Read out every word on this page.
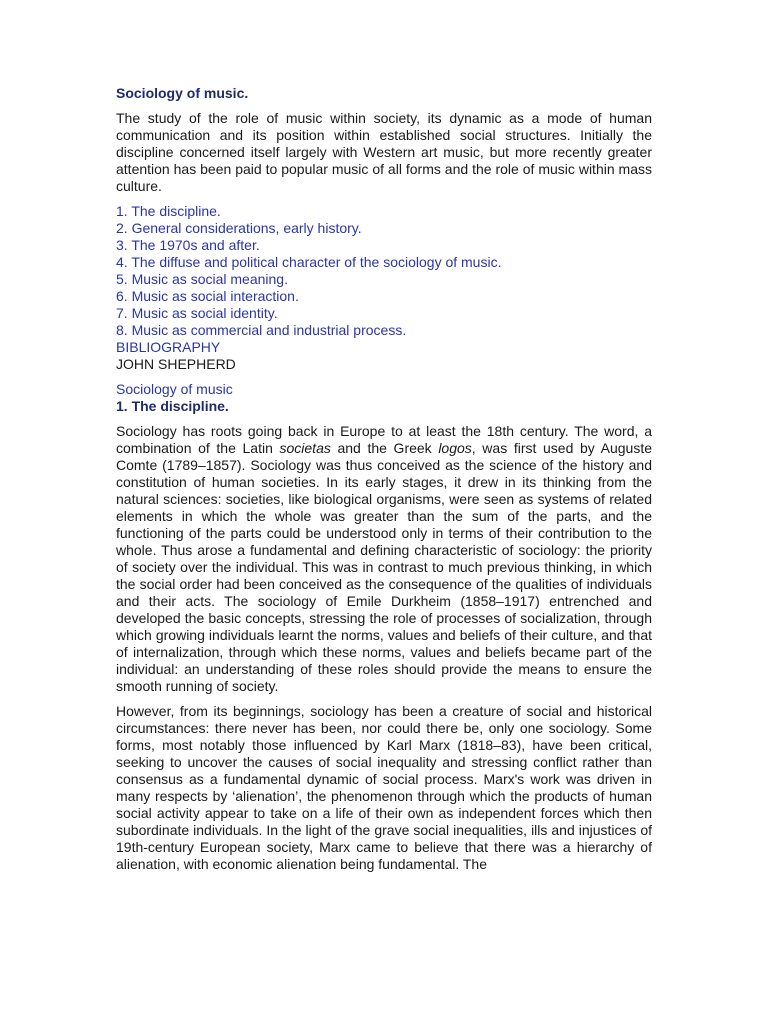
Sociology of music.

The study of the role of music within society, its dynamic as a mode of human communication and its position within established social structures. Initially the discipline concerned itself largely with Western art music, but more recently greater attention has been paid to popular music of all forms and the role of music within mass culture.

1. The discipline.
2. General considerations, early history.
3. The 1970s and after.
4. The diffuse and political character of the sociology of music.
5. Music as social meaning.
6. Music as social interaction.
7. Music as social identity.
8. Music as commercial and industrial process.
BIBLIOGRAPHY

JOHN SHEPHERD

Sociology of music

1. The discipline.

Sociology has roots going back in Europe to at least the 18th century. The word, a combination of the Latin societas and the Greek logos, was first used by Auguste Comte (1789–1857). Sociology was thus conceived as the science of the history and constitution of human societies. In its early stages, it drew in its thinking from the natural sciences: societies, like biological organisms, were seen as systems of related elements in which the whole was greater than the sum of the parts, and the functioning of the parts could be understood only in terms of their contribution to the whole. Thus arose a fundamental and defining characteristic of sociology: the priority of society over the individual. This was in contrast to much previous thinking, in which the social order had been conceived as the consequence of the qualities of individuals and their acts. The sociology of Emile Durkheim (1858–1917) entrenched and developed the basic concepts, stressing the role of processes of socialization, through which growing individuals learnt the norms, values and beliefs of their culture, and that of internalization, through which these norms, values and beliefs became part of the individual: an understanding of these roles should provide the means to ensure the smooth running of society.

However, from its beginnings, sociology has been a creature of social and historical circumstances: there never has been, nor could there be, only one sociology. Some forms, most notably those influenced by Karl Marx (1818–83), have been critical, seeking to uncover the causes of social inequality and stressing conflict rather than consensus as a fundamental dynamic of social process. Marx's work was driven in many respects by ‘alienation’, the phenomenon through which the products of human social activity appear to take on a life of their own as independent forces which then subordinate individuals. In the light of the grave social inequalities, ills and injustices of 19th-century European society, Marx came to believe that there was a hierarchy of alienation, with economic alienation being fundamental. The
